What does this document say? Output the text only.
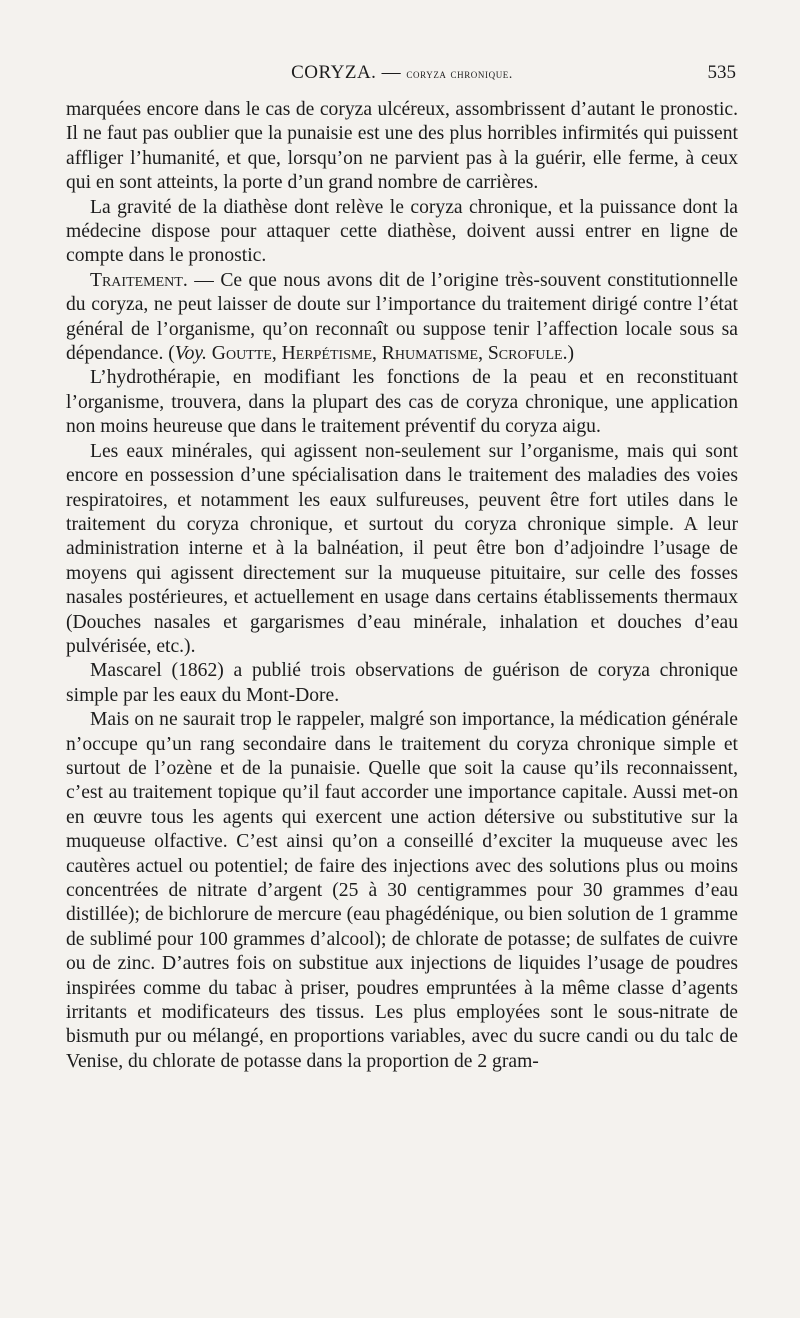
CORYZA. — coryza chronique.	535

marquées encore dans le cas de coryza ulcéreux, assombrissent d’autant le pronostic. Il ne faut pas oublier que la punaisie est une des plus horribles infirmités qui puissent affliger l’humanité, et que, lorsqu’on ne parvient pas à la guérir, elle ferme, à ceux qui en sont atteints, la porte d’un grand nombre de carrières.

La gravité de la diathèse dont relève le coryza chronique, et la puissance dont la médecine dispose pour attaquer cette diathèse, doivent aussi entrer en ligne de compte dans le pronostic.

Traitement. — Ce que nous avons dit de l’origine très-souvent constitutionnelle du coryza, ne peut laisser de doute sur l’importance du traitement dirigé contre l’état général de l’organisme, qu’on reconnaît ou suppose tenir l’affection locale sous sa dépendance. (Voy. Goutte, Herpétisme, Rhumatisme, Scrofule.)

L’hydrothérapie, en modifiant les fonctions de la peau et en reconstituant l’organisme, trouvera, dans la plupart des cas de coryza chronique, une application non moins heureuse que dans le traitement préventif du coryza aigu.

Les eaux minérales, qui agissent non-seulement sur l’organisme, mais qui sont encore en possession d’une spécialisation dans le traitement des maladies des voies respiratoires, et notamment les eaux sulfureuses, peuvent être fort utiles dans le traitement du coryza chronique, et surtout du coryza chronique simple. A leur administration interne et à la balnéation, il peut être bon d’adjoindre l’usage de moyens qui agissent directement sur la muqueuse pituitaire, sur celle des fosses nasales postérieures, et actuellement en usage dans certains établissements thermaux (Douches nasales et gargarismes d’eau minérale, inhalation et douches d’eau pulvérisée, etc.).

Mascarel (1862) a publié trois observations de guérison de coryza chronique simple par les eaux du Mont-Dore.

Mais on ne saurait trop le rappeler, malgré son importance, la médication générale n’occupe qu’un rang secondaire dans le traitement du coryza chronique simple et surtout de l’ozène et de la punaisie. Quelle que soit la cause qu’ils reconnaissent, c’est au traitement topique qu’il faut accorder une importance capitale. Aussi met-on en œuvre tous les agents qui exercent une action détersive ou substitutive sur la muqueuse olfactive. C’est ainsi qu’on a conseillé d’exciter la muqueuse avec les cautères actuel ou potentiel; de faire des injections avec des solutions plus ou moins concentrées de nitrate d’argent (25 à 30 centigrammes pour 30 grammes d’eau distillée); de bichlorure de mercure (eau phagédénique, ou bien solution de 1 gramme de sublimé pour 100 grammes d’alcool); de chlorate de potasse; de sulfates de cuivre ou de zinc. D’autres fois on substitue aux injections de liquides l’usage de poudres inspirées comme du tabac à priser, poudres empruntées à la même classe d’agents irritants et modificateurs des tissus. Les plus employées sont le sous-nitrate de bismuth pur ou mélangé, en proportions variables, avec du sucre candi ou du talc de Venise, du chlorate de potasse dans la proportion de 2 gram-
